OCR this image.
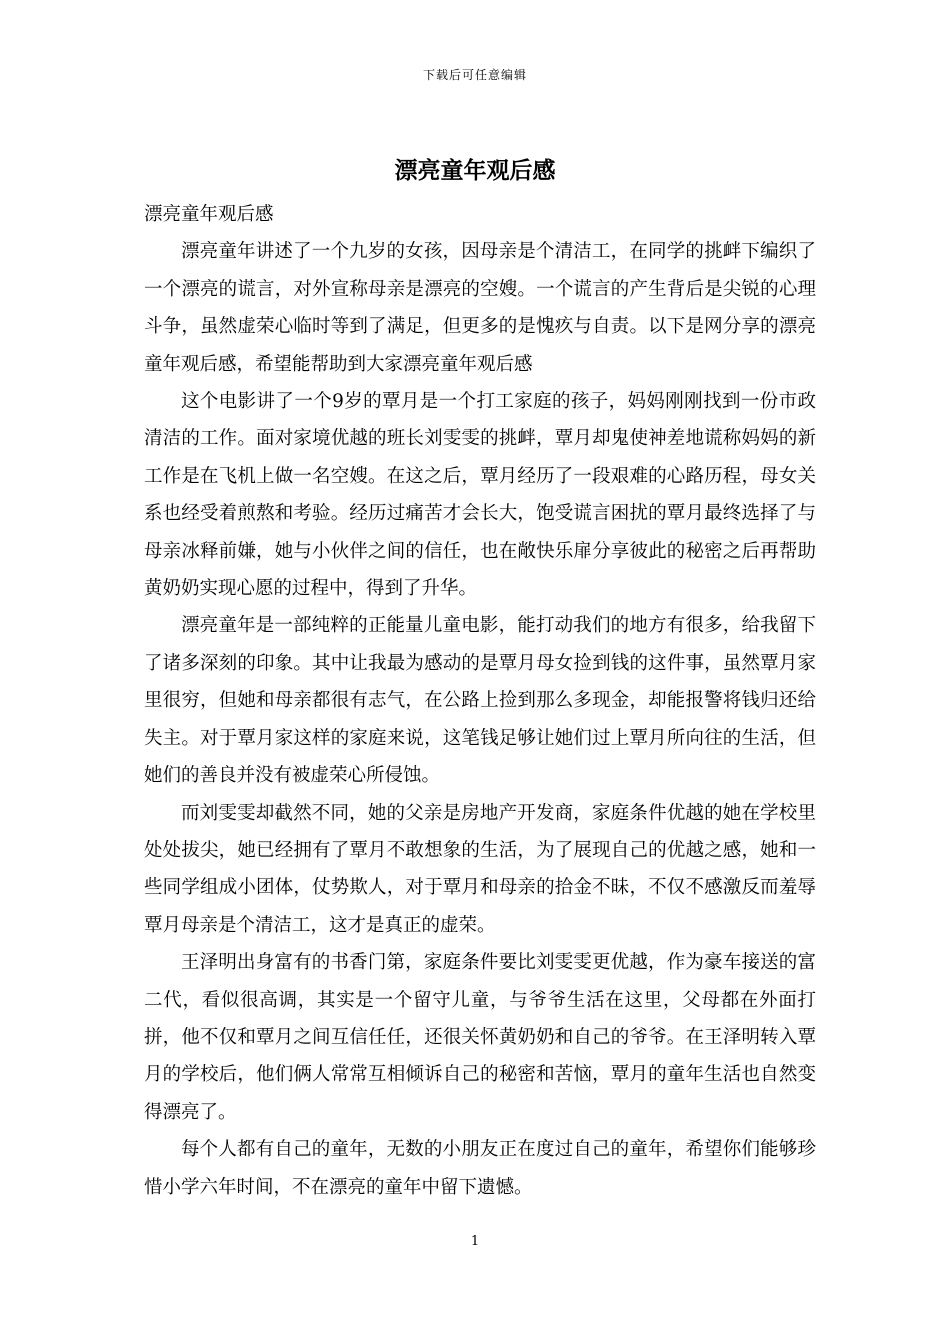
下载后可任意编辑
漂亮童年观后感

漂亮童年观后感

漂亮童年讲述了一个九岁的女孩，因母亲是个清洁工，在同学的挑衅下编织了一个漂亮的谎言，对外宣称母亲是漂亮的空嫂。一个谎言的产生背后是尖锐的心理斗争，虽然虚荣心临时等到了满足，但更多的是愧疚与自责。以下是网分享的漂亮童年观后感，希望能帮助到大家漂亮童年观后感

这个电影讲了一个9岁的覃月是一个打工家庭的孩子，妈妈刚刚找到一份市政清洁的工作。面对家境优越的班长刘雯雯的挑衅，覃月却鬼使神差地谎称妈妈的新工作是在飞机上做一名空嫂。在这之后，覃月经历了一段艰难的心路历程，母女关系也经受着煎熬和考验。经历过痛苦才会长大，饱受谎言困扰的覃月最终选择了与母亲冰释前嫌，她与小伙伴之间的信任，也在敞快乐扉分享彼此的秘密之后再帮助黄奶奶实现心愿的过程中，得到了升华。

漂亮童年是一部纯粹的正能量儿童电影，能打动我们的地方有很多，给我留下了诸多深刻的印象。其中让我最为感动的是覃月母女捡到钱的这件事，虽然覃月家里很穷，但她和母亲都很有志气，在公路上捡到那么多现金，却能报警将钱归还给失主。对于覃月家这样的家庭来说，这笔钱足够让她们过上覃月所向往的生活，但她们的善良并没有被虚荣心所侵蚀。

而刘雯雯却截然不同，她的父亲是房地产开发商，家庭条件优越的她在学校里处处拔尖，她已经拥有了覃月不敢想象的生活，为了展现自己的优越之感，她和一些同学组成小团体，仗势欺人，对于覃月和母亲的拾金不昧，不仅不感激反而羞辱覃月母亲是个清洁工，这才是真正的虚荣。

王泽明出身富有的书香门第，家庭条件要比刘雯雯更优越，作为豪车接送的富二代，看似很高调，其实是一个留守儿童，与爷爷生活在这里，父母都在外面打拼，他不仅和覃月之间互信任任，还很关怀黄奶奶和自己的爷爷。在王泽明转入覃月的学校后，他们俩人常常互相倾诉自己的秘密和苦恼，覃月的童年生活也自然变得漂亮了。

每个人都有自己的童年，无数的小朋友正在度过自己的童年，希望你们能够珍惜小学六年时间，不在漂亮的童年中留下遗憾。

1
